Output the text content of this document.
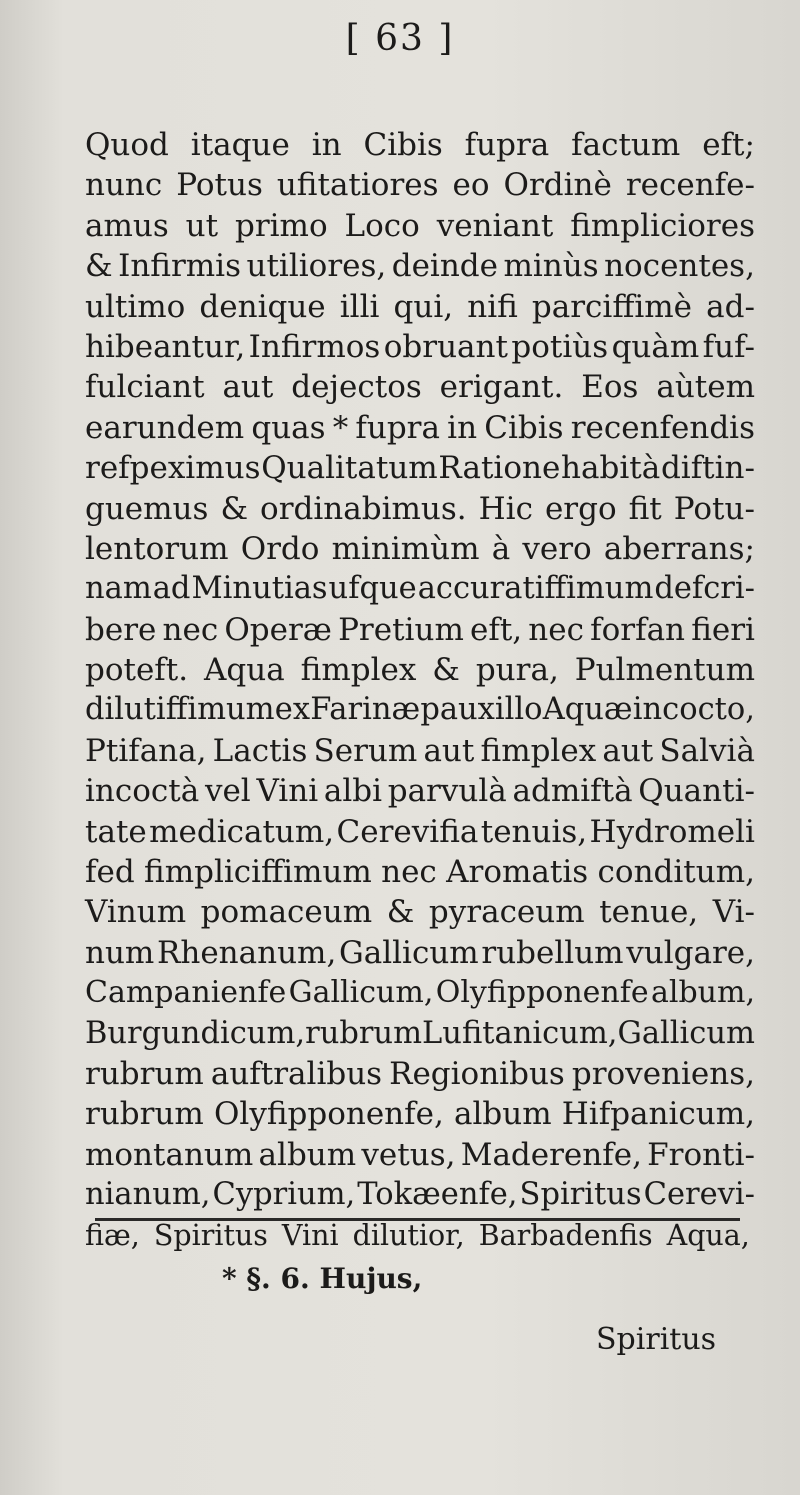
[ 63 ]
Quod itaque in Cibis fupra factum eft;
nunc Potus ufitatiores eo Ordinè recenfe-
amus ut primo Loco veniant fimpliciores
& Infirmis utiliores, deinde minùs nocentes,
ultimo denique illi qui, nifi parciffimè ad-
hibeantur, Infirmos obruant potiùs quàm fuf-
fulciant aut dejectos erigant. Eos aùtem
earundem quas * fupra in Cibis recenfendis
refpeximus Qualitatum Ratione habità diftin-
guemus & ordinabimus. Hic ergo fit Potu-
lentorum Ordo minimùm à vero aberrans;
nam ad Minutias ufque accuratiffimum defcri-
bere nec Operæ Pretium eft, nec forfan fieri
poteft. Aqua fimplex & pura, Pulmentum
dilutiffimum ex Farinæ pauxillo Aquæ incocto,
Ptifana, Lactis Serum aut fimplex aut Salvià
incoctà vel Vini albi parvulà admiftà Quanti-
tate medicatum, Cerevifia tenuis, Hydromeli
fed fimpliciffimum nec Aromatis conditum,
Vinum pomaceum & pyraceum tenue, Vi-
num Rhenanum, Gallicum rubellum vulgare,
Campanienfe Gallicum, Olyfipponenfe album,
Burgundicum, rubrum Lufitanicum, Gallicum
rubrum auftralibus Regionibus proveniens,
rubrum Olyfipponenfe, album Hifpanicum,
montanum album vetus, Maderenfe, Fronti-
nianum, Cyprium, Tokæenfe, Spiritus Cerevi-
fiæ, Spiritus Vini dilutior, Barbadenfis Aqua,
* §. 6. Hujus,
Spiritus
